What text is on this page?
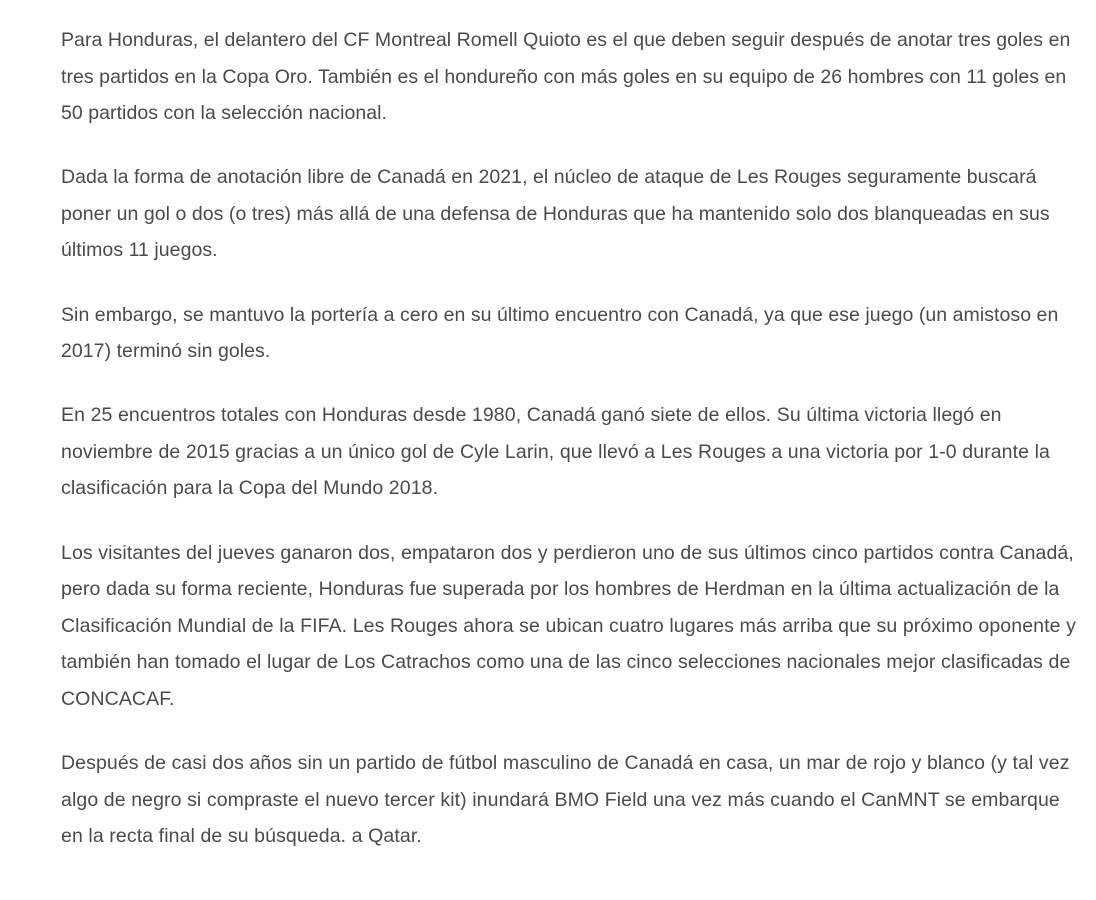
Para Honduras, el delantero del CF Montreal Romell Quioto es el que deben seguir después de anotar tres goles en tres partidos en la Copa Oro. También es el hondureño con más goles en su equipo de 26 hombres con 11 goles en 50 partidos con la selección nacional.

Dada la forma de anotación libre de Canadá en 2021, el núcleo de ataque de Les Rouges seguramente buscará poner un gol o dos (o tres) más allá de una defensa de Honduras que ha mantenido solo dos blanqueadas en sus últimos 11 juegos.

Sin embargo, se mantuvo la portería a cero en su último encuentro con Canadá, ya que ese juego (un amistoso en 2017) terminó sin goles.

En 25 encuentros totales con Honduras desde 1980, Canadá ganó siete de ellos. Su última victoria llegó en noviembre de 2015 gracias a un único gol de Cyle Larin, que llevó a Les Rouges a una victoria por 1-0 durante la clasificación para la Copa del Mundo 2018.

Los visitantes del jueves ganaron dos, empataron dos y perdieron uno de sus últimos cinco partidos contra Canadá, pero dada su forma reciente, Honduras fue superada por los hombres de Herdman en la última actualización de la Clasificación Mundial de la FIFA. Les Rouges ahora se ubican cuatro lugares más arriba que su próximo oponente y también han tomado el lugar de Los Catrachos como una de las cinco selecciones nacionales mejor clasificadas de CONCACAF.

Después de casi dos años sin un partido de fútbol masculino de Canadá en casa, un mar de rojo y blanco (y tal vez algo de negro si compraste el nuevo tercer kit) inundará BMO Field una vez más cuando el CanMNT se embarque en la recta final de su búsqueda. a Qatar.
